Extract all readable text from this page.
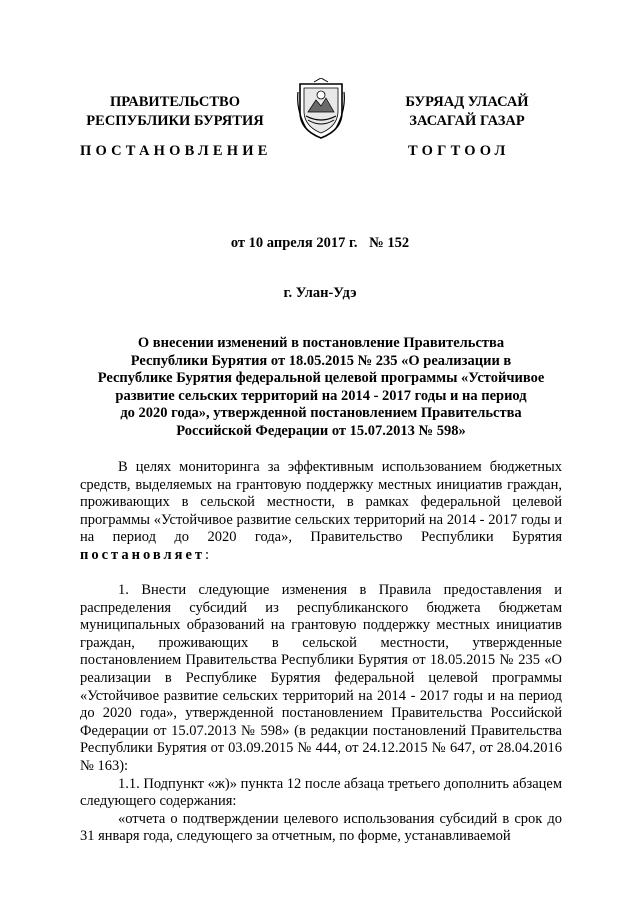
ПРАВИТЕЛЬСТВО
РЕСПУБЛИКИ БУРЯТИЯ
БУРЯАД УЛАСАЙ
ЗАСАГАЙ ГАЗАР
ПОСТАНОВЛЕНИЕ	ТОГТООЛ
от 10 апреля 2017 г. № 152
г. Улан-Удэ
О внесении изменений в постановление Правительства
Республики Бурятия от 18.05.2015 № 235 «О реализации в
Республике Бурятия федеральной целевой программы «Устойчивое
развитие сельских территорий на 2014 - 2017 годы и на период
до 2020 года», утвержденной постановлением Правительства
Российской Федерации от 15.07.2013 № 598»

В целях мониторинга за эффективным использованием бюджетных средств, выделяемых на грантовую поддержку местных инициатив граждан, проживающих в сельской местности, в рамках федеральной целевой программы «Устойчивое развитие сельских территорий на 2014 - 2017 годы и на период до 2020 года», Правительство Республики Бурятия постановляет:

1. Внести следующие изменения в Правила предоставления и распределения субсидий из республиканского бюджета бюджетам муниципальных образований на грантовую поддержку местных инициатив граждан, проживающих в сельской местности, утвержденные постановлением Правительства Республики Бурятия от 18.05.2015 № 235 «О реализации в Республике Бурятия федеральной целевой программы «Устойчивое развитие сельских территорий на 2014 - 2017 годы и на период до 2020 года», утвержденной постановлением Правительства Российской Федерации от 15.07.2013 № 598» (в редакции постановлений Правительства Республики Бурятия от 03.09.2015 № 444, от 24.12.2015 № 647, от 28.04.2016 № 163):

1.1. Подпункт «ж)» пункта 12 после абзаца третьего дополнить абзацем следующего содержания:

«отчета о подтверждении целевого использования субсидий в срок до 31 января года, следующего за отчетным, по форме, устанавливаемой
